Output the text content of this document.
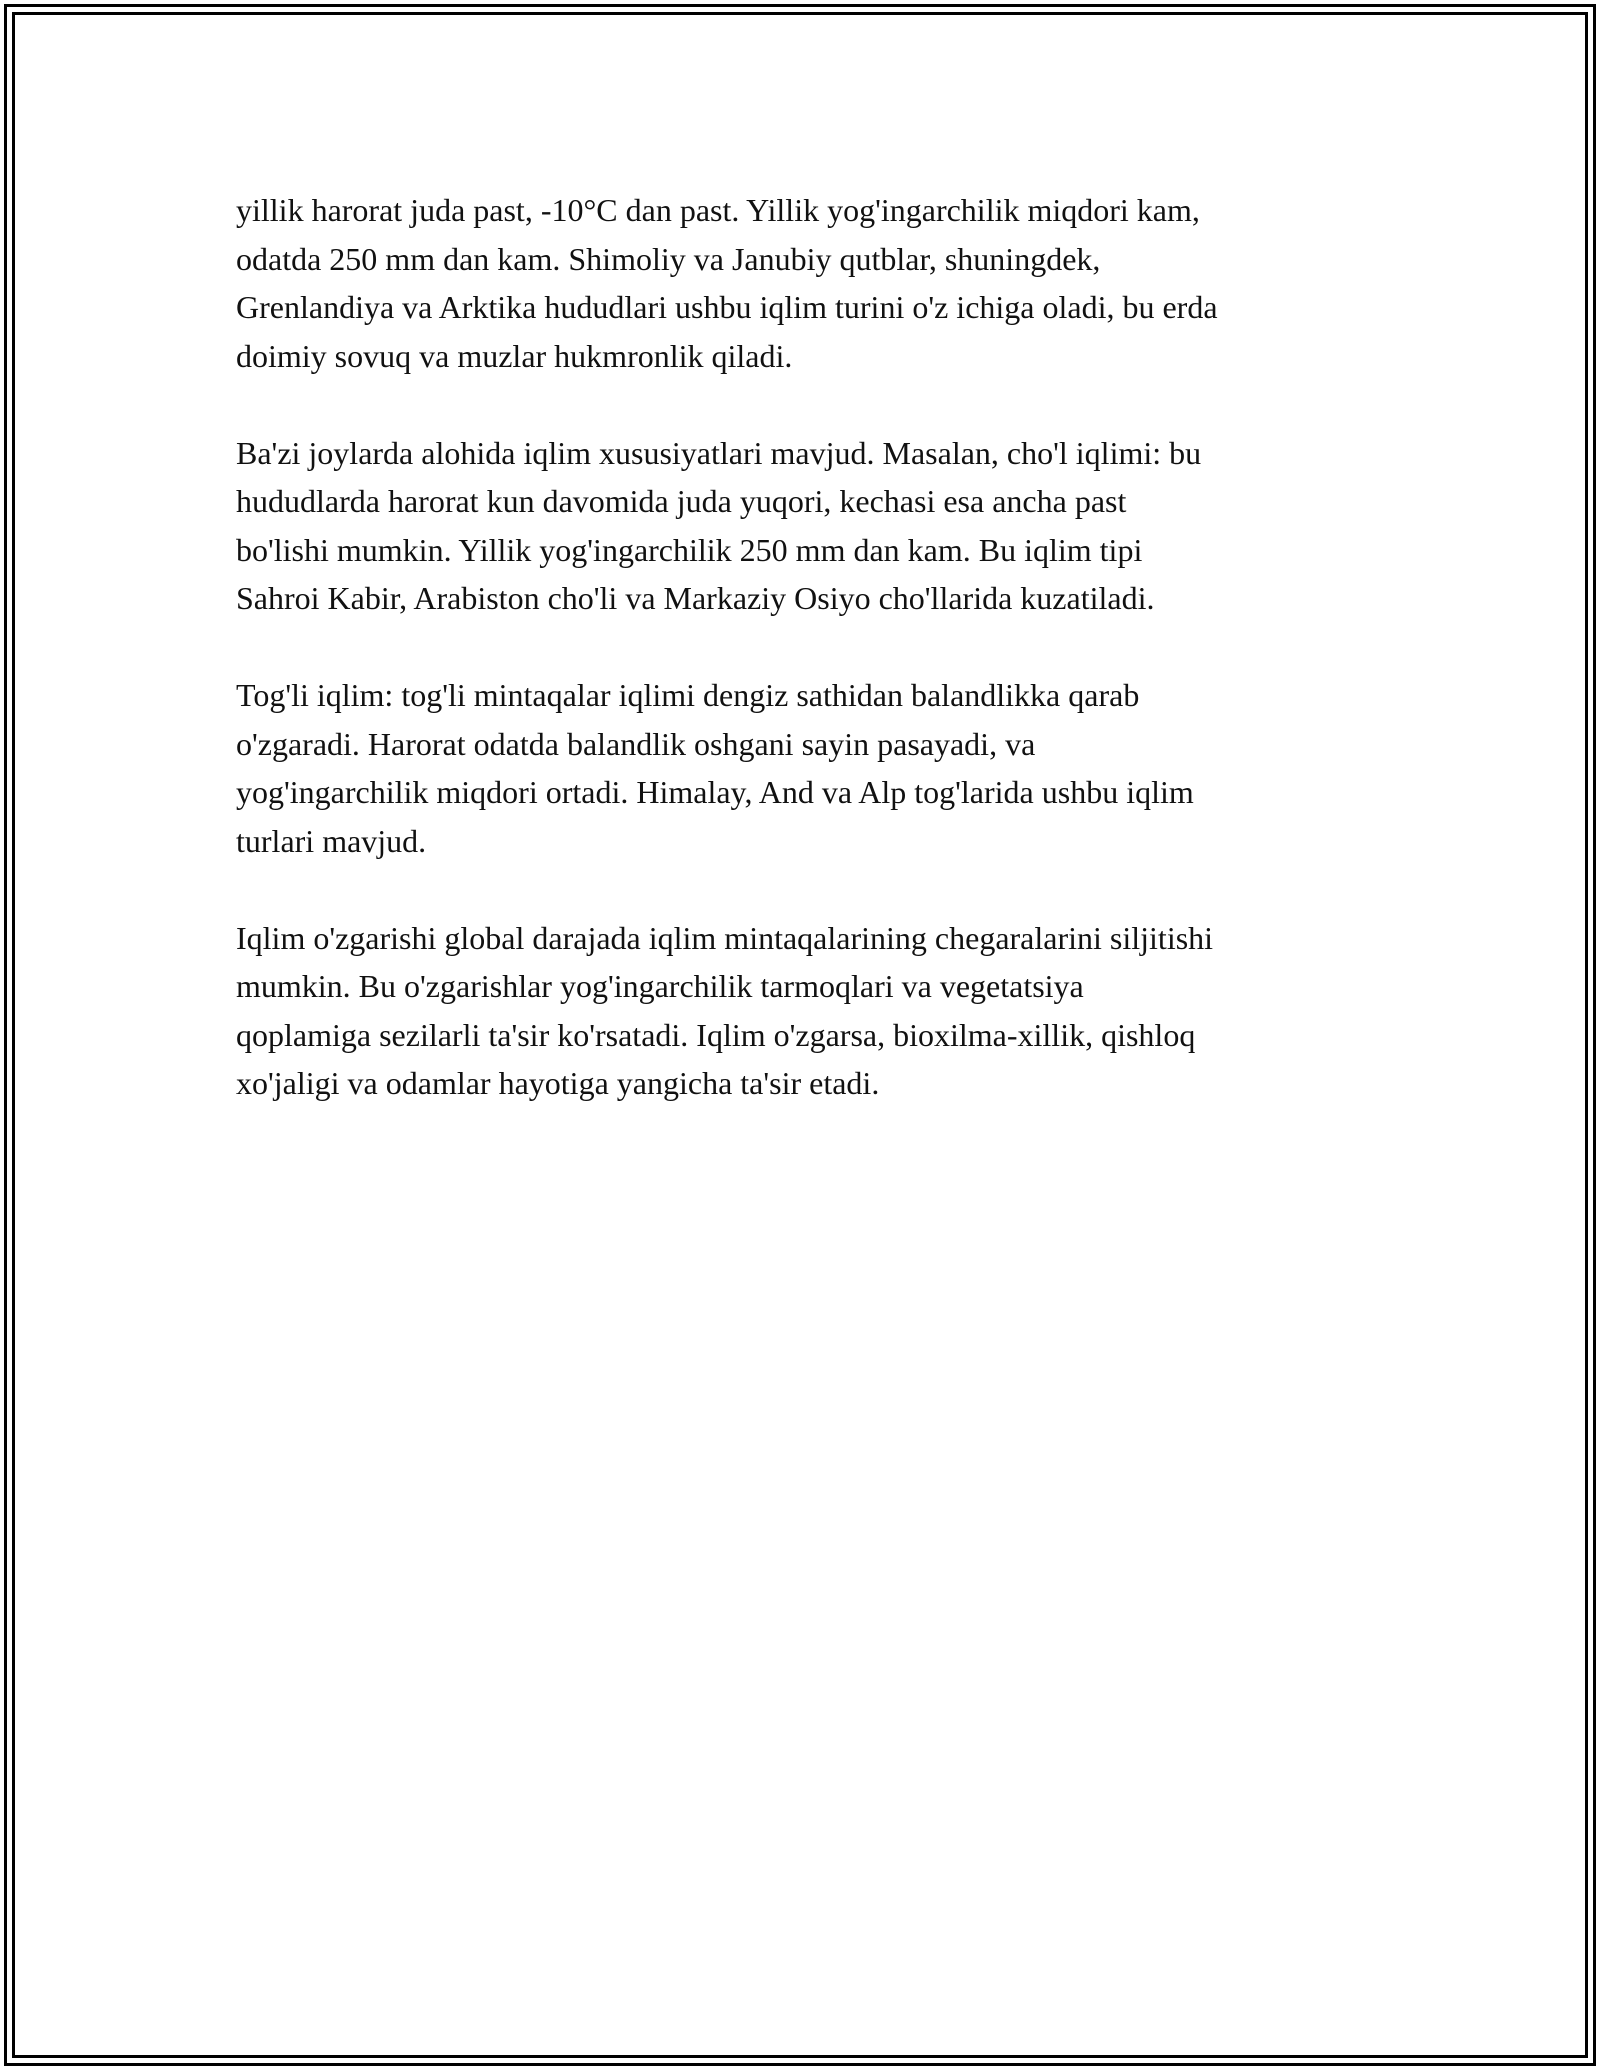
yillik harorat juda past, -10°C dan past. Yillik yog'ingarchilik miqdori kam,
odatda 250 mm dan kam. Shimoliy va Janubiy qutblar, shuningdek,
Grenlandiya va Arktika hududlari ushbu iqlim turini o'z ichiga oladi, bu erda
doimiy sovuq va muzlar hukmronlik qiladi.

Ba'zi joylarda alohida iqlim xususiyatlari mavjud. Masalan, cho'l iqlimi: bu
hududlarda harorat kun davomida juda yuqori, kechasi esa ancha past
bo'lishi mumkin. Yillik yog'ingarchilik 250 mm dan kam. Bu iqlim tipi
Sahroi Kabir, Arabiston cho'li va Markaziy Osiyo cho'llarida kuzatiladi.

Tog'li iqlim: tog'li mintaqalar iqlimi dengiz sathidan balandlikka qarab
o'zgaradi. Harorat odatda balandlik oshgani sayin pasayadi, va
yog'ingarchilik miqdori ortadi. Himalay, And va Alp tog'larida ushbu iqlim
turlari mavjud.

Iqlim o'zgarishi global darajada iqlim mintaqalarining chegaralarini siljitishi
mumkin. Bu o'zgarishlar yog'ingarchilik tarmoqlari va vegetatsiya
qoplamiga sezilarli ta'sir ko'rsatadi. Iqlim o'zgarsa, bioxilma-xillik, qishloq
xo'jaligi va odamlar hayotiga yangicha ta'sir etadi.
